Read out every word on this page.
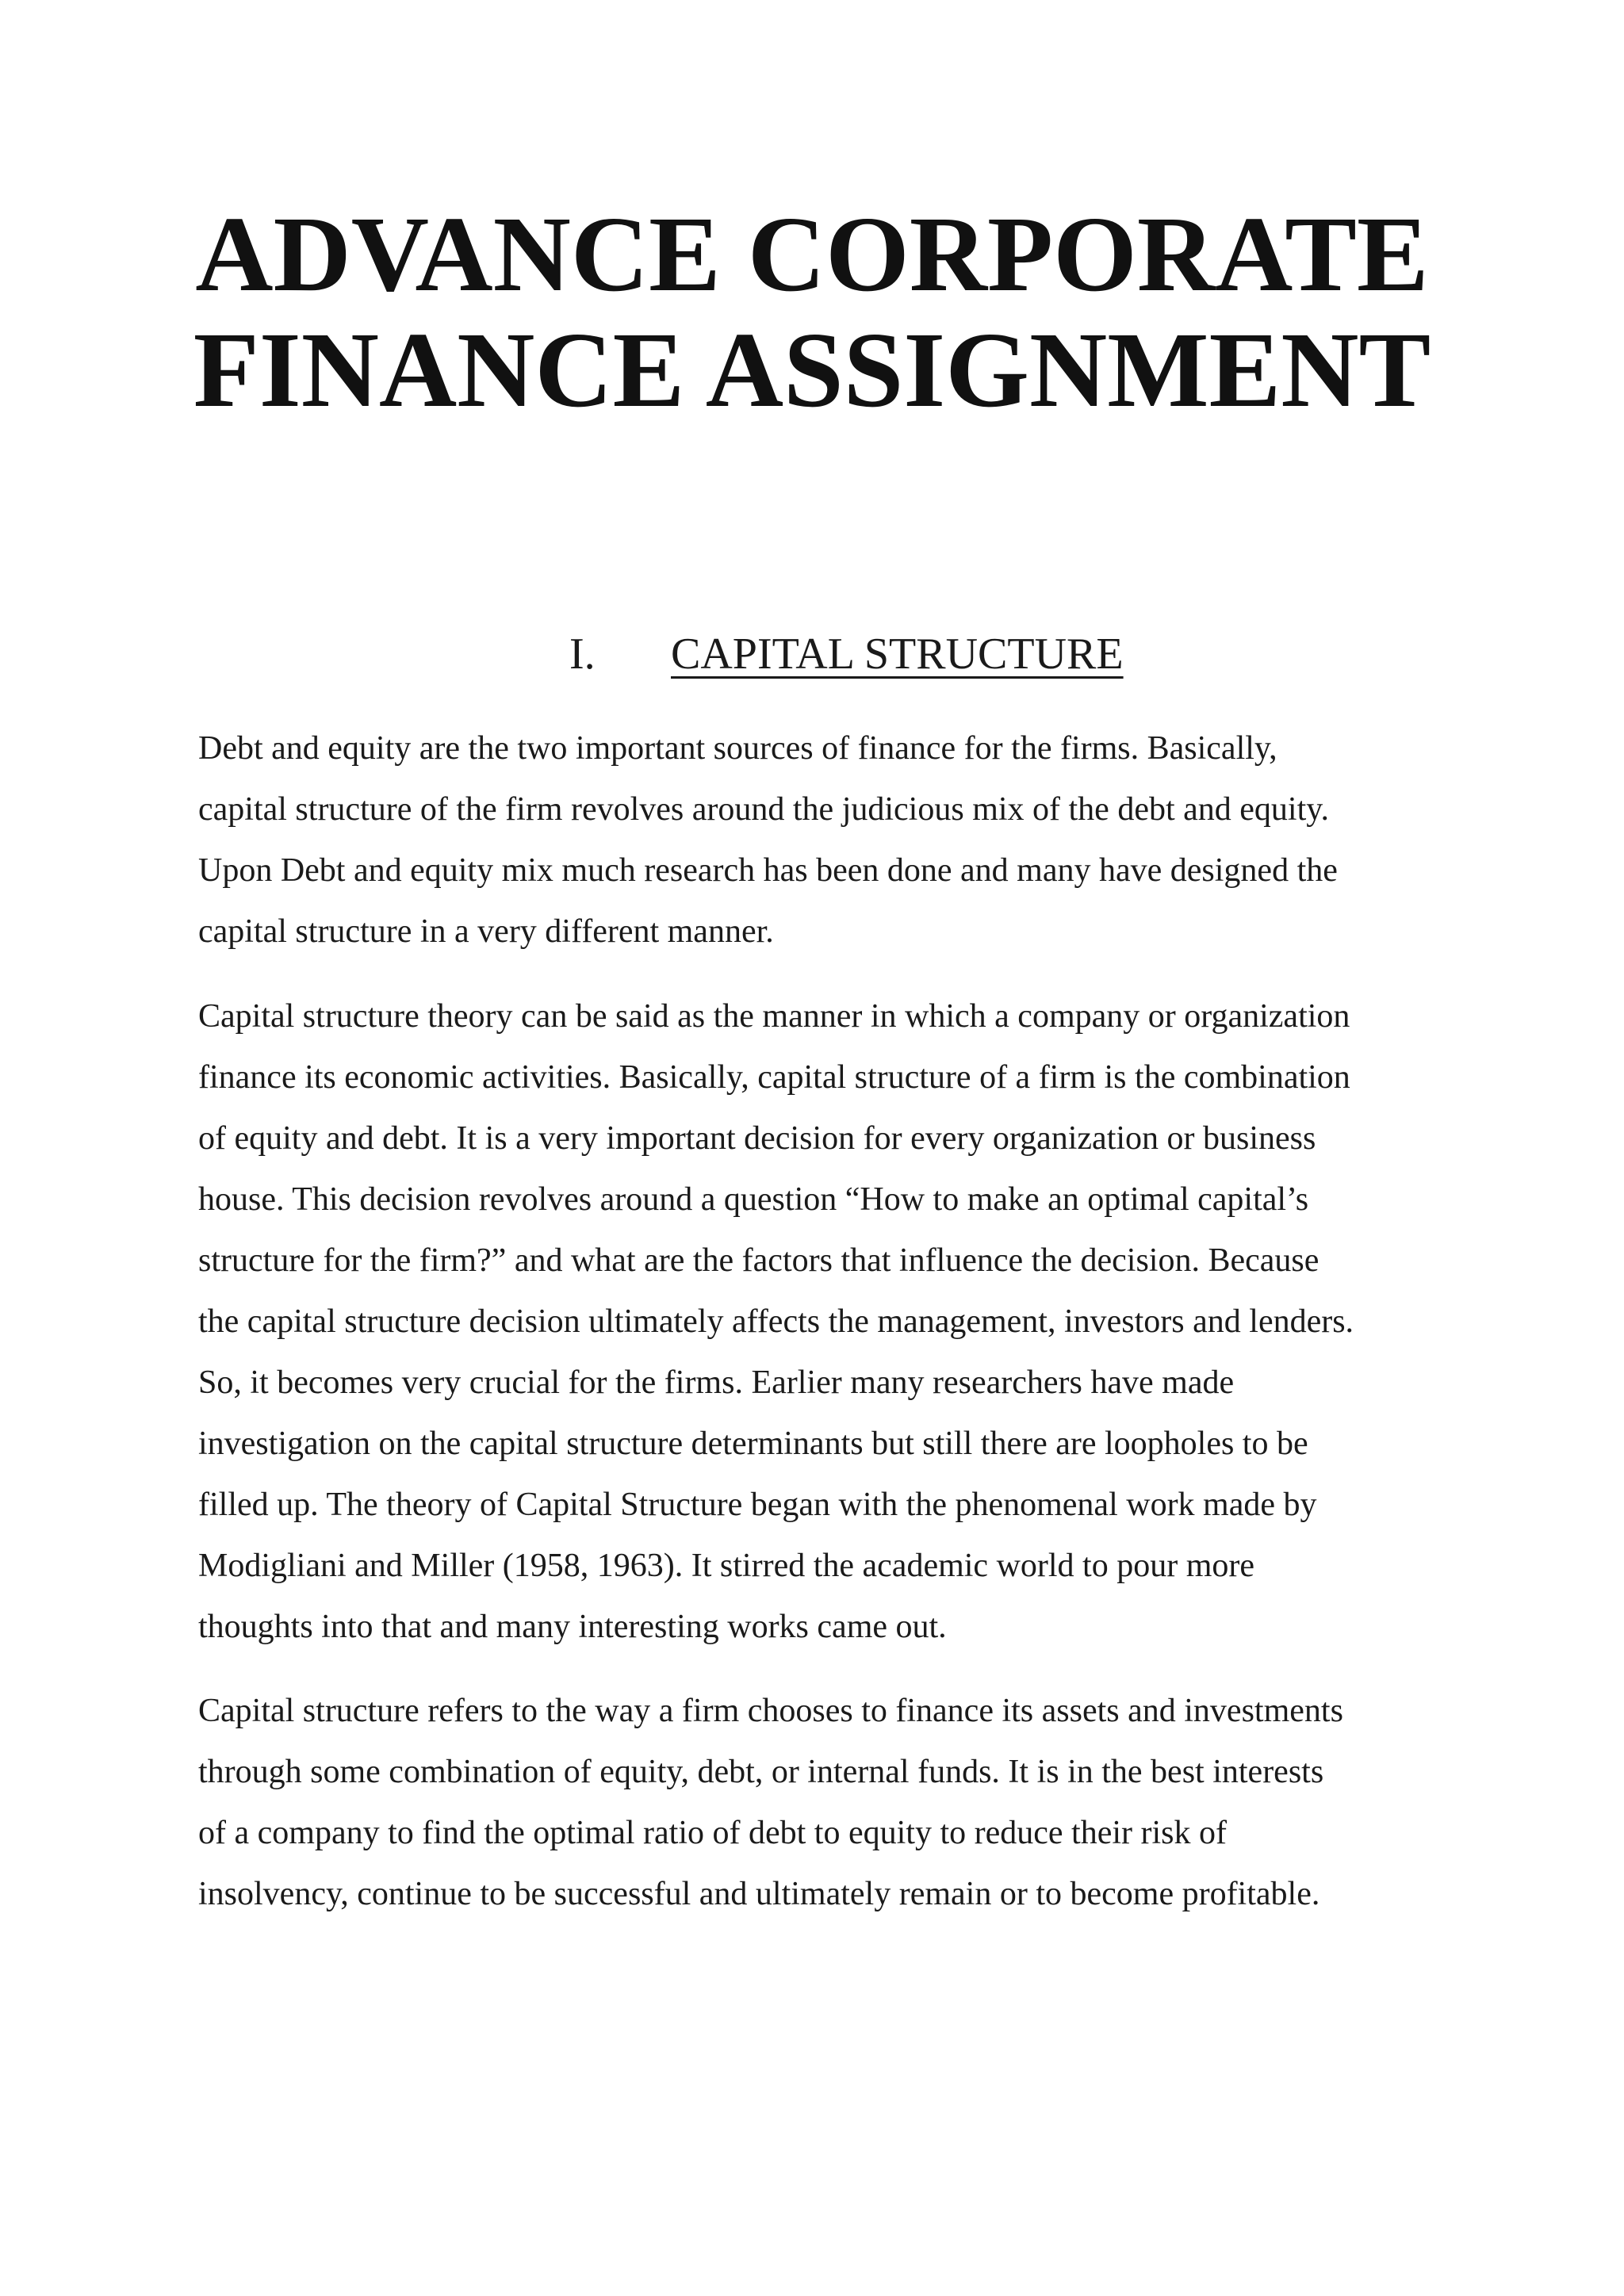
ADVANCE CORPORATE
FINANCE ASSIGNMENT
I. CAPITAL STRUCTURE

Debt and equity are the two important sources of finance for the firms. Basically,
capital structure of the firm revolves around the judicious mix of the debt and equity.
Upon Debt and equity mix much research has been done and many have designed the
capital structure in a very different manner.

Capital structure theory can be said as the manner in which a company or organization
finance its economic activities. Basically, capital structure of a firm is the combination
of equity and debt. It is a very important decision for every organization or business
house. This decision revolves around a question “How to make an optimal capital’s
structure for the firm?” and what are the factors that influence the decision. Because
the capital structure decision ultimately affects the management, investors and lenders.
So, it becomes very crucial for the firms. Earlier many researchers have made
investigation on the capital structure determinants but still there are loopholes to be
filled up. The theory of Capital Structure began with the phenomenal work made by
Modigliani and Miller (1958, 1963). It stirred the academic world to pour more
thoughts into that and many interesting works came out.

Capital structure refers to the way a firm chooses to finance its assets and investments
through some combination of equity, debt, or internal funds. It is in the best interests
of a company to find the optimal ratio of debt to equity to reduce their risk of
insolvency, continue to be successful and ultimately remain or to become profitable.
